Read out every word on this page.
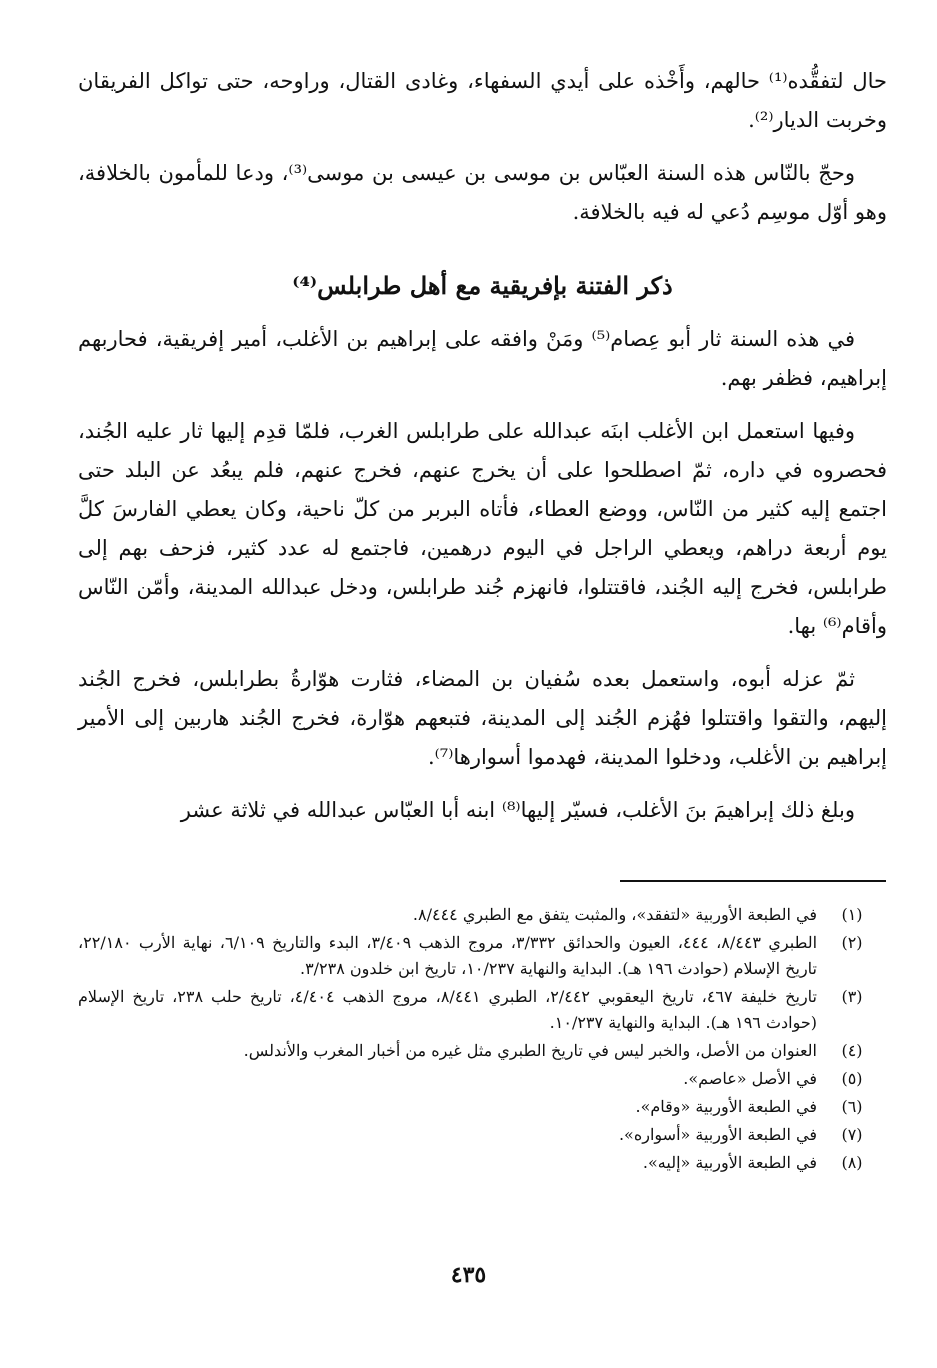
حال لتفقُّده⁽¹⁾ حالهم، وأَخْذه على أيدي السفهاء، وغادى القتال، وراوحه، حتى تواكل الفريقان وخربت الديار⁽²⁾.

وحجّ بالنّاس هذه السنة العبّاس بن موسى بن عيسى بن موسى⁽³⁾، ودعا للمأمون بالخلافة، وهو أوّل موسِم دُعي له فيه بالخلافة.

ذكر الفتنة بإفريقية مع أهل طرابلس⁽⁴⁾

في هذه السنة ثار أبو عِصام⁽⁵⁾ ومَنْ وافقه على إبراهيم بن الأغلب، أمير إفريقية، فحاربهم إبراهيم، فظفر بهم.

وفيها استعمل ابن الأغلب ابنَه عبدالله على طرابلس الغرب، فلمّا قدِم إليها ثار عليه الجُند، فحصروه في داره، ثمّ اصطلحوا على أن يخرج عنهم، فخرج عنهم، فلم يبعُد عن البلد حتى اجتمع إليه كثير من النّاس، ووضع العطاء، فأتاه البربر من كلّ ناحية، وكان يعطي الفارسَ كلَّ يوم أربعة دراهم، ويعطي الراجل في اليوم درهمين، فاجتمع له عدد كثير، فزحف بهم إلى طرابلس، فخرج إليه الجُند، فاقتتلوا، فانهزم جُند طرابلس، ودخل عبدالله المدينة، وأمّن النّاس وأقام⁽⁶⁾ بها.

ثمّ عزله أبوه، واستعمل بعده سُفيان بن المضاء، فثارت هوّارةُ بطرابلس، فخرج الجُند إليهم، والتقوا واقتتلوا فهُزم الجُند إلى المدينة، فتبعهم هوّارة، فخرج الجُند هاربين إلى الأمير إبراهيم بن الأغلب، ودخلوا المدينة، فهدموا أسوارها⁽⁷⁾.

وبلغ ذلك إبراهيمَ بنَ الأغلب، فسيّر إليها⁽⁸⁾ ابنه أبا العبّاس عبدالله في ثلاثة عشر

(١)
في الطبعة الأوربية «لتفقد»، والمثبت يتفق مع الطبري ٨/٤٤٤.
(٢)
الطبري ٨/٤٤٣، ٤٤٤، العيون والحدائق ٣/٣٣٢، مروج الذهب ٣/٤٠٩، البدء والتاريخ ٦/١٠٩، نهاية الأرب ٢٢/١٨٠، تاريخ الإسلام (حوادث ١٩٦ هـ). البداية والنهاية ١٠/٢٣٧، تاريخ ابن خلدون ٣/٢٣٨.
(٣)
تاريخ خليفة ٤٦٧، تاريخ اليعقوبي ٢/٤٤٢، الطبري ٨/٤٤١، مروج الذهب ٤/٤٠٤، تاريخ حلب ٢٣٨، تاريخ الإسلام (حوادث ١٩٦ هـ). البداية والنهاية ١٠/٢٣٧.
(٤)
العنوان من الأصل، والخبر ليس في تاريخ الطبري مثل غيره من أخبار المغرب والأندلس.
(٥)
في الأصل «عاصم».
(٦)
في الطبعة الأوربية «وقام».
(٧)
في الطبعة الأوربية «أسواره».
(٨)
في الطبعة الأوربية «إليه».
٤٣٥
